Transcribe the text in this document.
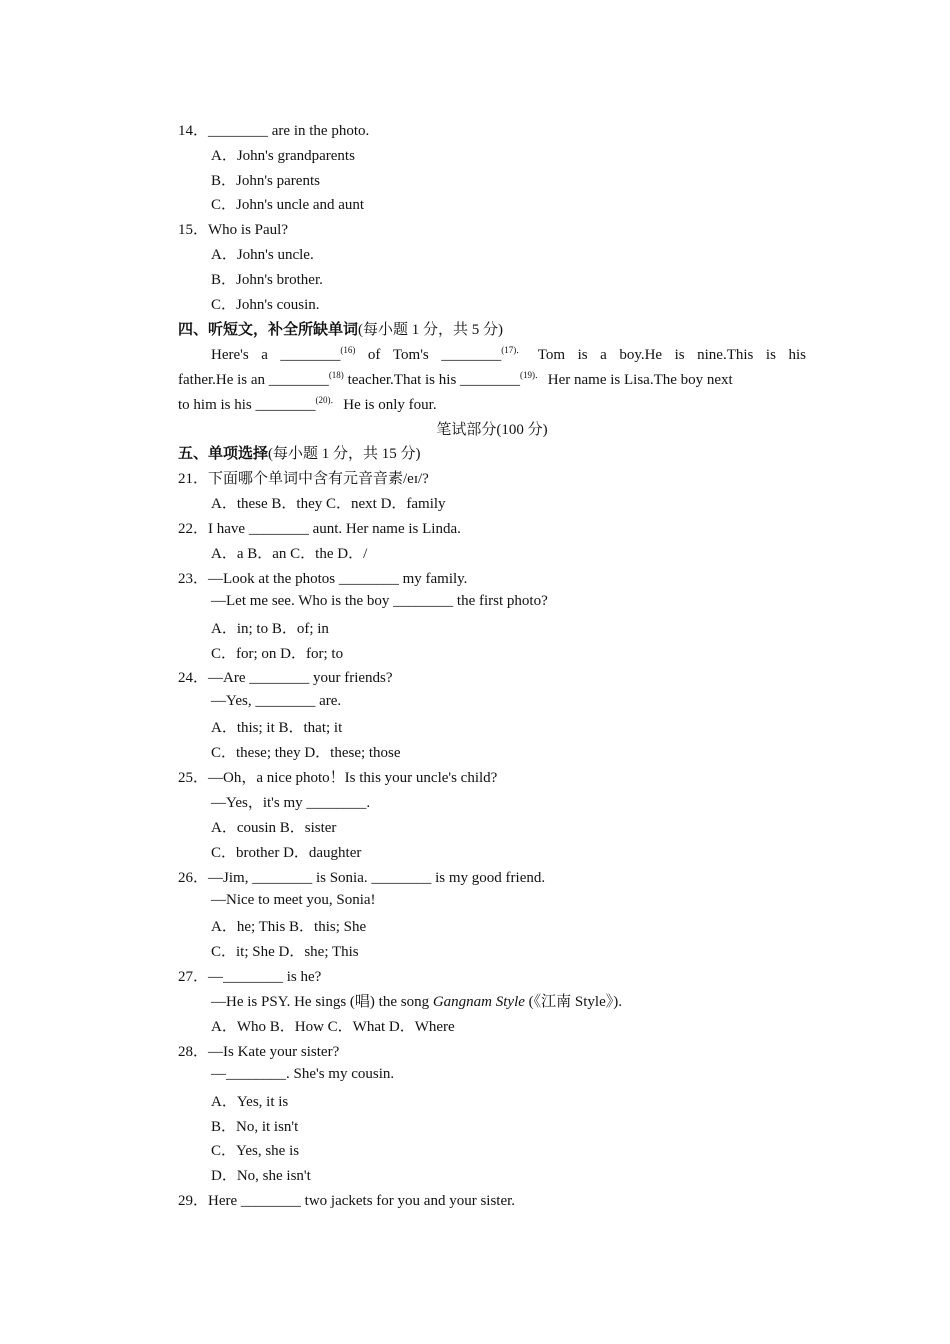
14．________ are in the photo.
A．John's grandparents
B．John's parents
C．John's uncle and aunt
15．Who is Paul?
A．John's uncle.
B．John's brother.
C．John's cousin.
四、听短文，补全所缺单词(每小题 1 分，共 5 分)
Here's a ________$^{(16)}$ of Tom's ________$^{(17).}$ Tom is a boy.He is nine.This is his
father.He is an ________$^{(18)}$ teacher.That is his ________$^{(19).}$ Her name is Lisa.The boy next
to him is his ________$^{(20).}$ He is only four.
笔试部分(100 分)
五、单项选择(每小题 1 分，共 15 分)
21．下面哪个单词中含有元音音素/eɪ/?
A．these B．they C．next D．family
22．I have ________ aunt. Her name is Linda.
A．a B．an C．the D．/
23．—Look at the photos ________ my family.
—Let me see. Who is the boy ________ the first photo?
A．in; to B．of; in
C．for; on D．for; to
24．—Are ________ your friends?
—Yes, ________ are.
A．this; it B．that; it
C．these; they D．these; those
25．—Oh，a nice photo！Is this your uncle's child?
—Yes，it's my ________.
A．cousin B．sister
C．brother D．daughter
26．—Jim, ________ is Sonia. ________ is my good friend.
—Nice to meet you, Sonia!
A．he; This B．this; She
C．it; She D．she; This
27．—________ is he?
—He is PSY. He sings (唱) the song Gangnam Style (《江南 Style》).
A．Who B．How C．What D．Where
28．—Is Kate your sister?
—________. She's my cousin.
A．Yes, it is
B．No, it isn't
C．Yes, she is
D．No, she isn't
29．Here ________ two jackets for you and your sister.
